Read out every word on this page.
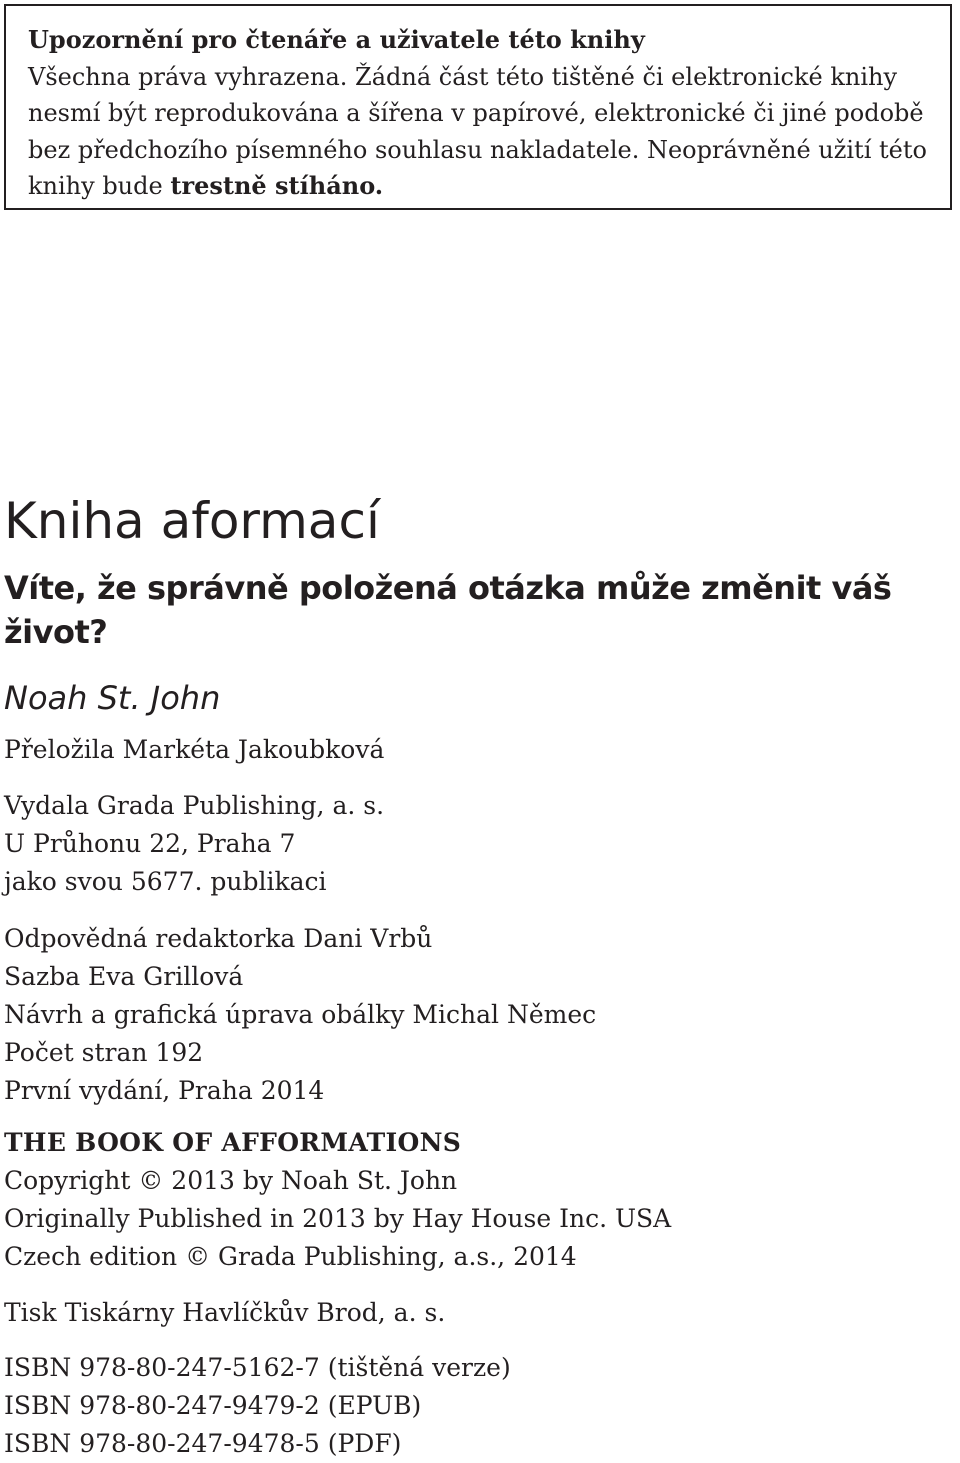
Upozornění pro čtenáře a uživatele této knihy
Všechna práva vyhrazena. Žádná část této tištěné či elektronické knihy nesmí být reprodukována a šířena v papírové, elektronické či jiné podobě bez předchozího písemného souhlasu nakladatele. Neoprávněné užití této knihy bude trestně stíháno.
Kniha aformací
Víte, že správně položená otázka může změnit váš život?
Noah St. John
Přeložila Markéta Jakoubková
Vydala Grada Publishing, a. s.
U Průhonu 22, Praha 7
jako svou 5677. publikaci
Odpovědná redaktorka Dani Vrbů
Sazba Eva Grillová
Návrh a grafická úprava obálky Michal Němec
Počet stran 192
První vydání, Praha 2014
THE BOOK OF AFFORMATIONS
Copyright © 2013 by Noah St. John
Originally Published in 2013 by Hay House Inc. USA
Czech edition © Grada Publishing, a.s., 2014
Tisk Tiskárny Havlíčkův Brod, a. s.
ISBN 978-80-247-5162-7 (tištěná verze)
ISBN 978-80-247-9479-2 (EPUB)
ISBN 978-80-247-9478-5 (PDF)
